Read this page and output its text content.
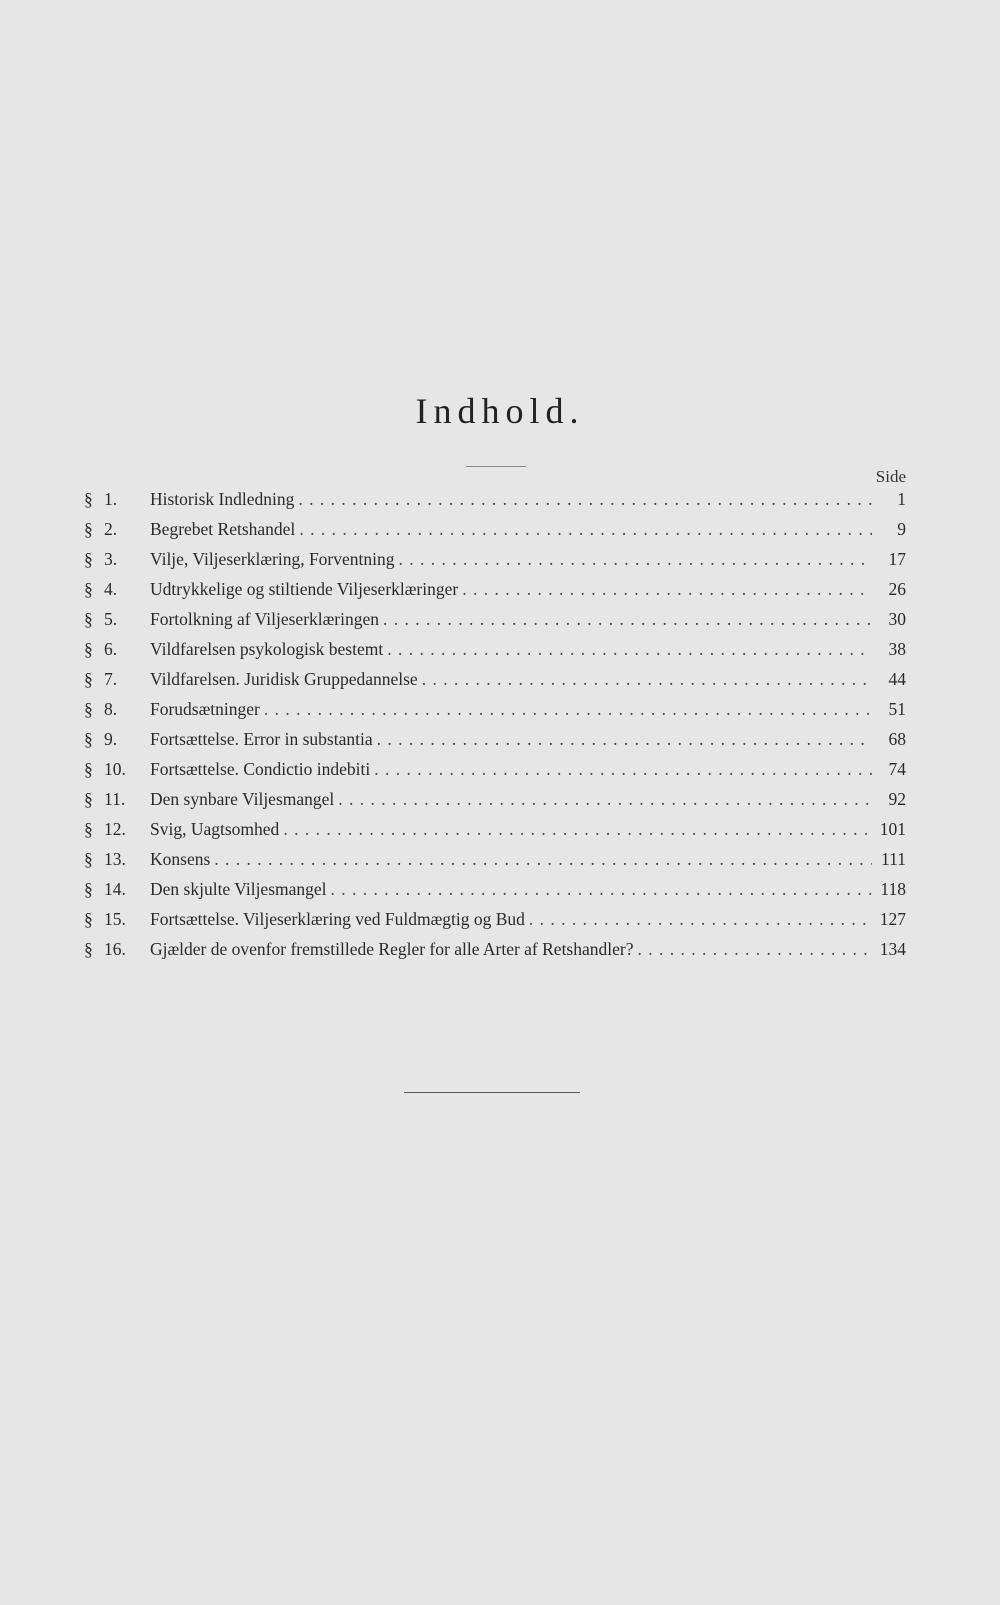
Indhold.
Side
§ 1.	Historisk Indledning . . .	1
§ 2.	Begrebet Retshandel . . .	9
§ 3.	Vilje, Viljeserklæring, Forventning . . .	17
§ 4.	Udtrykkelige og stiltiende Viljeserklæringer . . .	26
§ 5.	Fortolkning af Viljeserklæringen . . .	30
§ 6.	Vildfarelsen psykologisk bestemt . . .	38
§ 7.	Vildfarelsen. Juridisk Gruppedannelse . . .	44
§ 8.	Forudsætninger . . .	51
§ 9.	Fortsættelse. Error in substantia . . .	68
§ 10.	Fortsættelse. Condictio indebiti . . .	74
§ 11.	Den synbare Viljesmangel . . .	92
§ 12.	Svig, Uagtsomhed . . .	101
§ 13.	Konsens . . .	111
§ 14.	Den skjulte Viljesmangel . . .	118
§ 15.	Fortsættelse. Viljeserklæring ved Fuldmægtig og Bud . . .	127
§ 16.	Gjælder de ovenfor fremstillede Regler for alle Arter af Retshandler? . . .	134
